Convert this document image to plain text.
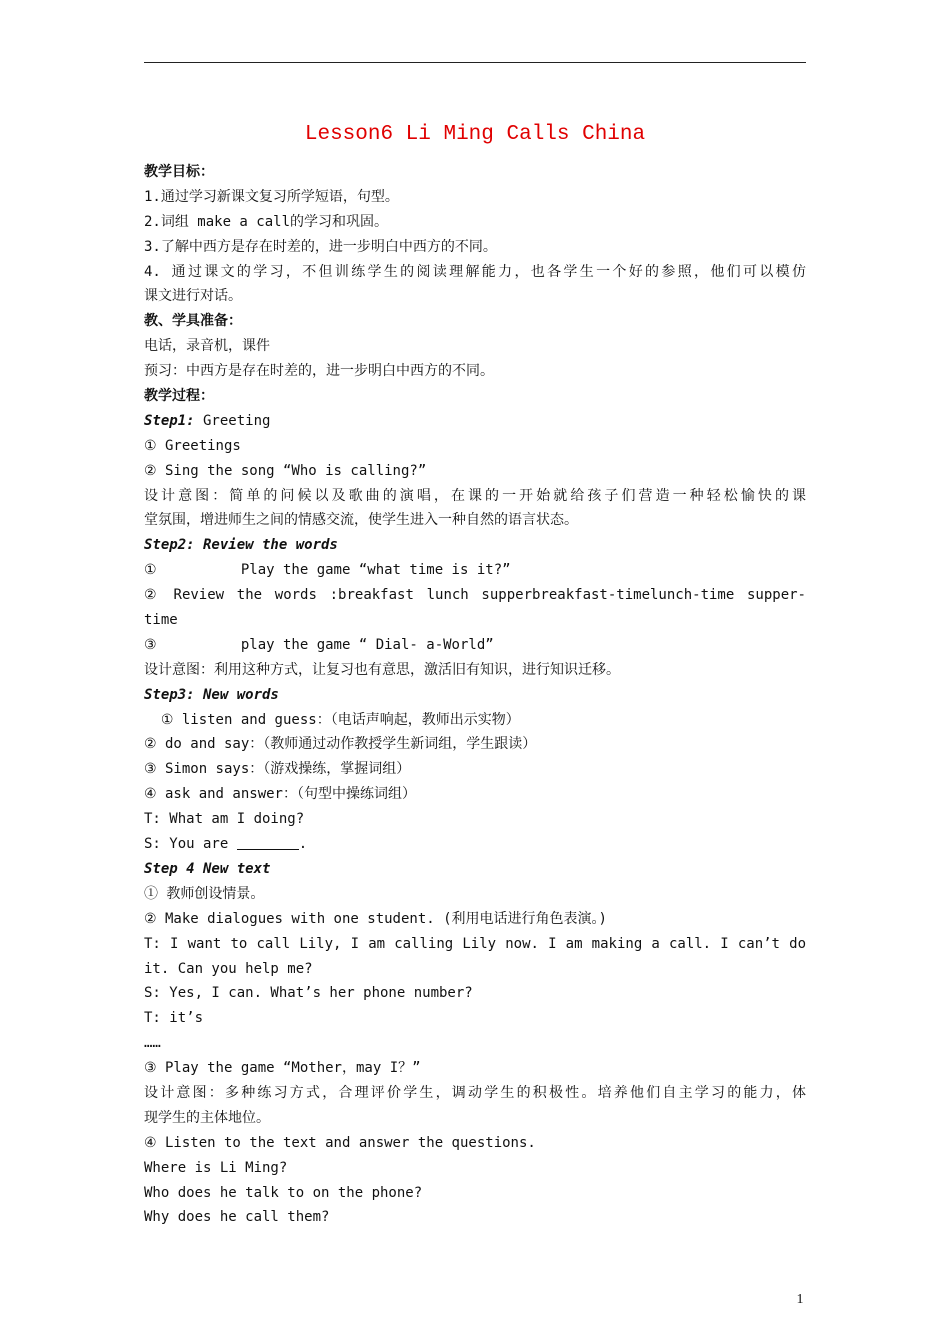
Lesson6 Li Ming Calls China
教学目标：
1.通过学习新课文复习所学短语，句型。
2.词组 make a call的学习和巩固。
3.了解中西方是存在时差的，进一步明白中西方的不同。
4. 通过课文的学习，不但训练学生的阅读理解能力，也各学生一个好的参照，他们可以模仿
课文进行对话。
教、学具准备：
电话，录音机，课件
预习：中西方是存在时差的，进一步明白中西方的不同。
教学过程：
Step1: Greeting
① Greetings
② Sing the song “Who is calling?”
设计意图：简单的问候以及歌曲的演唱，在课的一开始就给孩子们营造一种轻松愉快的课
堂氛围，增进师生之间的情感交流，使学生进入一种自然的语言状态。
Step2: Review the words
①          Play the game “what time is it?”
② Review the words :breakfast lunch supperbreakfast-timelunch-time supper-
time
③          play the game “ Dial- a-World”
设计意图：利用这种方式，让复习也有意思，激活旧有知识，进行知识迁移。
Step3: New words
① listen and guess：（电话声响起，教师出示实物）
② do and say：（教师通过动作教授学生新词组，学生跟读）
③ Simon says：（游戏操练，掌握词组）
④ ask and answer：（句型中操练词组）
T: What am I doing?
S: You are	.
Step 4 New text
① 教师创设情景。
② Make dialogues with one student. (利用电话进行角色表演。)
T: I want to call Lily, I am calling Lily now. I am making a call. I can’t do
it. Can you help me?
S: Yes, I can. What’s her phone number?
T: it’s
……
③ Play the game “Mother，may I？”
设计意图：多种练习方式，合理评价学生，调动学生的积极性。培养他们自主学习的能力，体
现学生的主体地位。
④ Listen to the text and answer the questions.
Where is Li Ming?
Who does he talk to on the phone?
Why does he call them?
1
